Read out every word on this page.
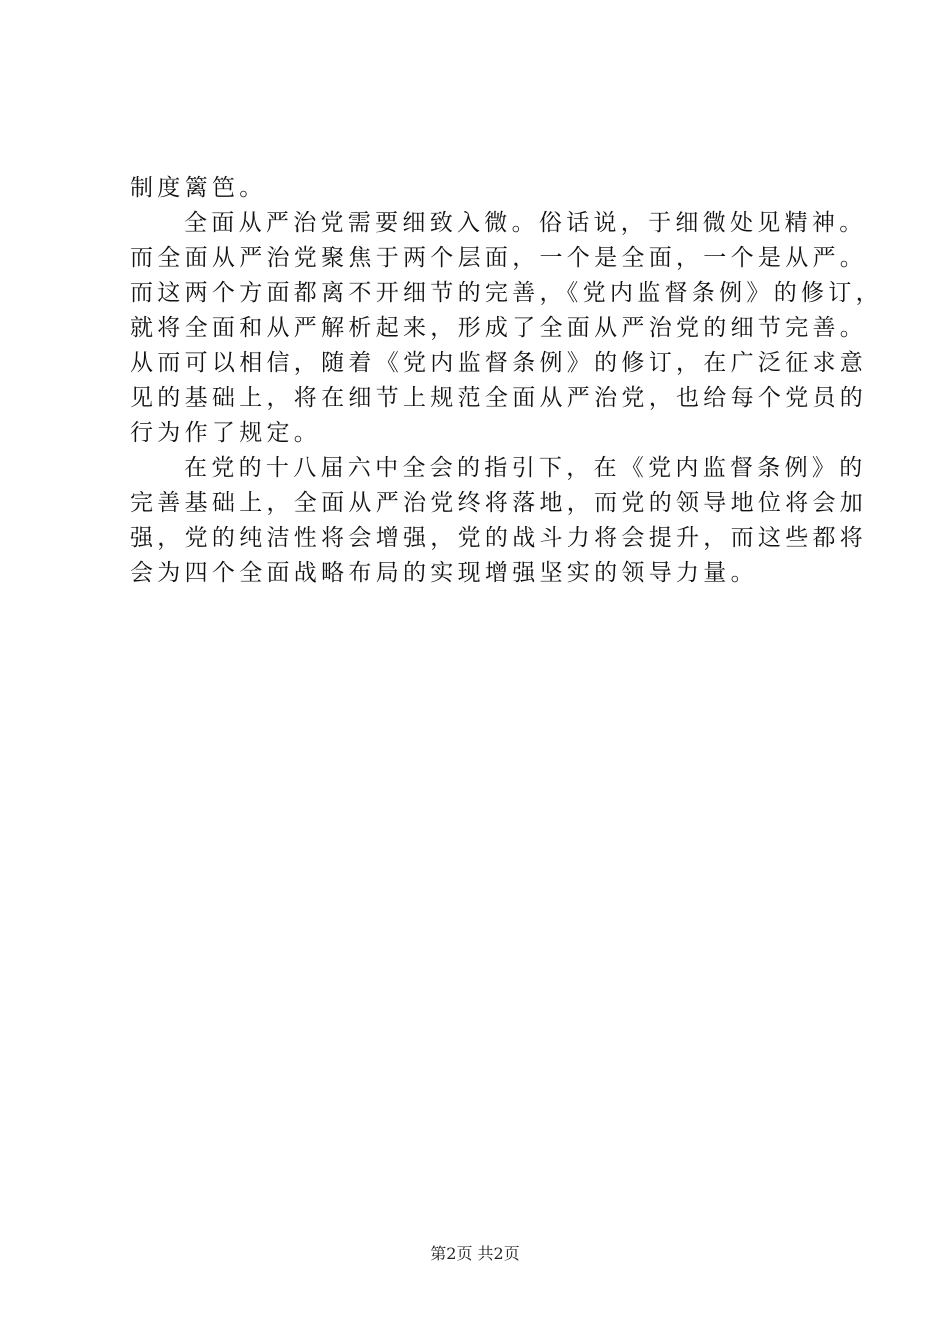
制度篱笆。
全面从严治党需要细致入微。俗话说，于细微处见精神。
而全面从严治党聚焦于两个层面，一个是全面，一个是从严。
而这两个方面都离不开细节的完善，《党内监督条例》的修订，
就将全面和从严解析起来，形成了全面从严治党的细节完善。
从而可以相信，随着《党内监督条例》的修订，在广泛征求意
见的基础上，将在细节上规范全面从严治党，也给每个党员的
行为作了规定。
在党的十八届六中全会的指引下，在《党内监督条例》的
完善基础上，全面从严治党终将落地，而党的领导地位将会加
强，党的纯洁性将会增强，党的战斗力将会提升，而这些都将
会为四个全面战略布局的实现增强坚实的领导力量。
第2页 共2页
